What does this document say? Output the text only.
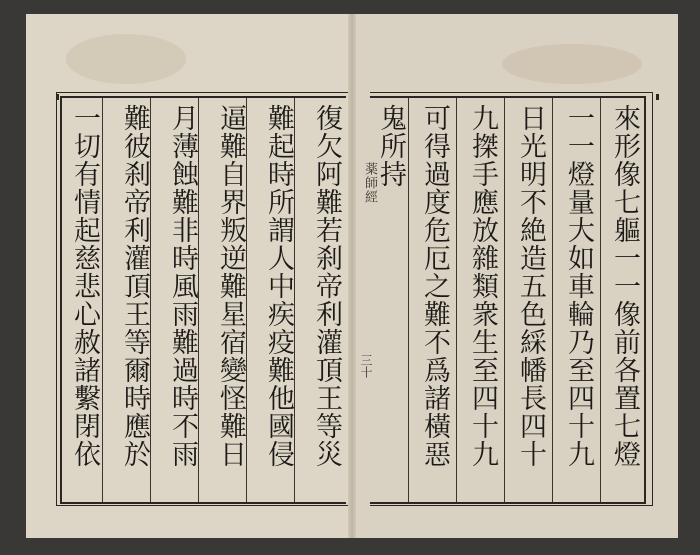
復欠阿難若刹帝利灌頂王等災
難起時所謂人中疾疫難他國侵
逼難自界叛逆難星宿變怪難日
月薄蝕難非時風雨難過時不雨
難彼刹帝利灌頂王等爾時應於
一切有情起慈悲心赦諸繫閉依	來形像七軀一一像前各置七燈
一一燈量大如車輪乃至四十九
日光明不絶造五色綵幡長四十
九搩手應放雜類衆生至四十九
可得過度危厄之難不爲諸橫惡
鬼所持
薬師經
三十
